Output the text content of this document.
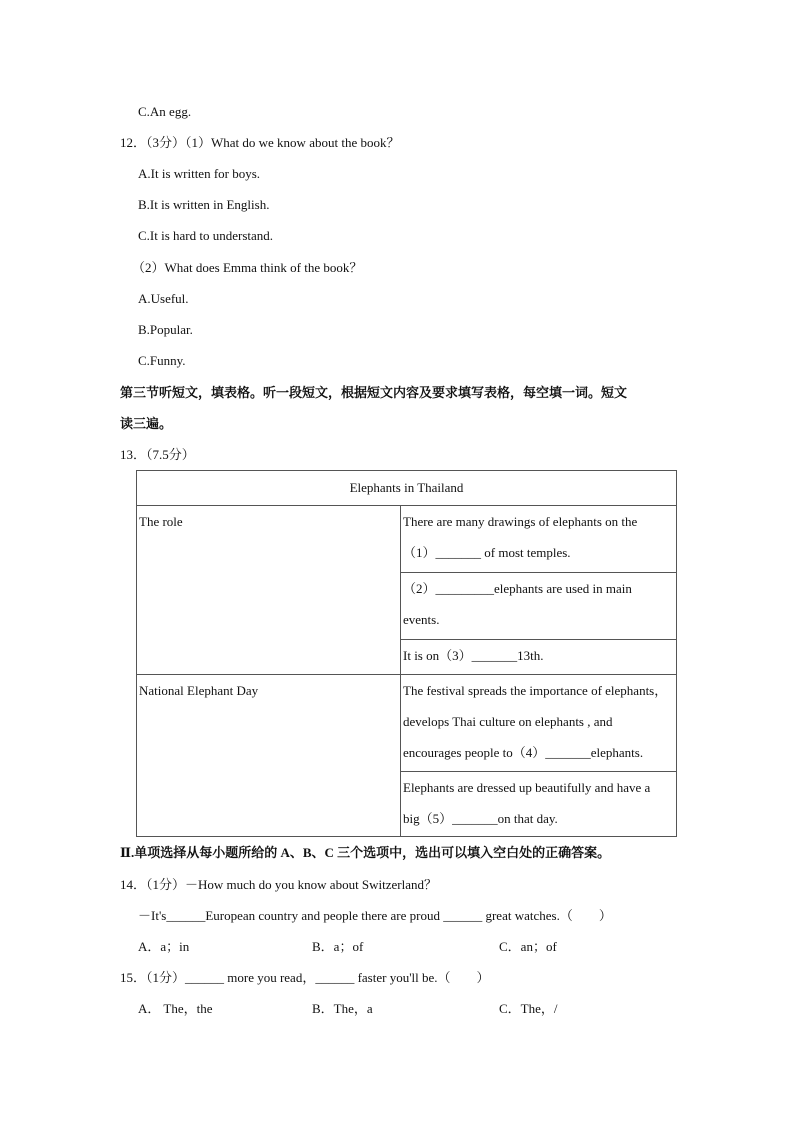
C.An egg.
12．（3分）（1）What do we know about the book？
A.It is written for boys.
B.It is written in English.
C.It is hard to understand.
（2）What does Emma think of the book？
A.Useful.
B.Popular.
C.Funny.
第三节听短文，填表格。听一段短文，根据短文内容及要求填写表格，每空填一词。短文
读三遍。
13．（7.5分）
Elephants in Thailand	
The role	There are many drawings of elephants on the
（1）_______ of most temples.

	（2）_________elephants are used in main
events.

	It is on（3）_______13th.

National Elephant Day	The festival spreads the importance of elephants，
develops Thai culture on elephants , and
encourages people to（4）_______elephants.

	Elephants are dressed up beautifully and have a
big（5）_______on that day.
Ⅱ.单项选择从每小题所给的 A、B、C 三个选项中，选出可以填入空白处的正确答案。
14．（1分）－How much do you know about Switzerland？
－It's______European country and people there are proud ______ great watches.（　　）
A．a；in	B．a；of	C．an；of
15．（1分）______ more you read，______ faster you'll be.（　　）
A． The，the	B．The，a	C．The，/
